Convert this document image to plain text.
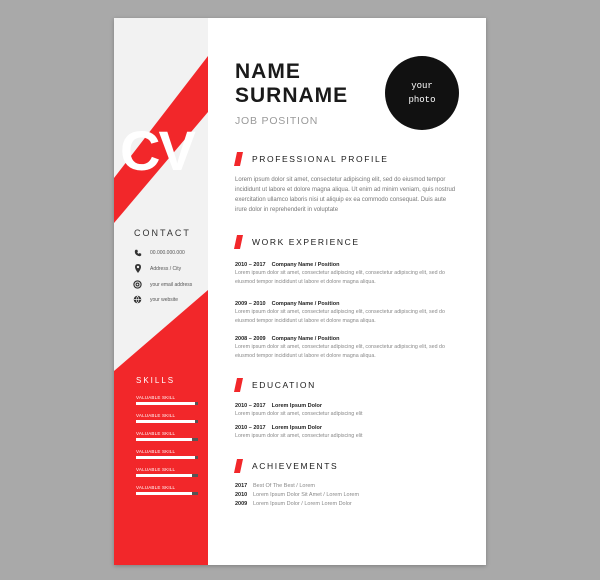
CV
CONTACT
00.000.000.000
Address / City
your email address
your website
SKILLS
VALUABLE SKILL
VALUABLE SKILL
VALUABLE SKILL
VALUABLE SKILL
VALUABLE SKILL
VALUABLE SKILL
NAME
SURNAME
JOB POSITION
your
photo
PROFESSIONAL PROFILE

Lorem ipsum dolor sit amet, consectetur adipiscing elit, sed do eiusmod tempor incididunt ut labore et dolore magna aliqua. Ut enim ad minim veniam, quis nostrud exercitation ullamco laboris nisi ut aliquip ex ea commodo consequat. Duis aute irure dolor in reprehenderit in voluptate

WORK EXPERIENCE
2010 – 2017 Company Name / Position

Lorem ipsum dolor sit amet, consectetur adipiscing elit, consectetur adipiscing elit, sed do eiusmod tempor incididunt ut labore et dolore magna aliqua.

2009 – 2010 Company Name / Position

Lorem ipsum dolor sit amet, consectetur adipiscing elit, consectetur adipiscing elit, sed do eiusmod tempor incididunt ut labore et dolore magna aliqua.

2008 – 2009 Company Name / Position

Lorem ipsum dolor sit amet, consectetur adipiscing elit, consectetur adipiscing elit, sed do eiusmod tempor incididunt ut labore et dolore magna aliqua.

EDUCATION
2010 – 2017 Lorem Ipsum Dolor

Lorem ipsum dolor sit amet, consectetur adipiscing elit

2010 – 2017 Lorem Ipsum Dolor

Lorem ipsum dolor sit amet, consectetur adipiscing elit

ACHIEVEMENTS
2017 Best Of The Best / Lorem
2010 Lorem Ipsum Dolor Sit Amet / Lorem Lorem
2009 Lorem Ipsum Dolor / Lorem Lorem Dolor
